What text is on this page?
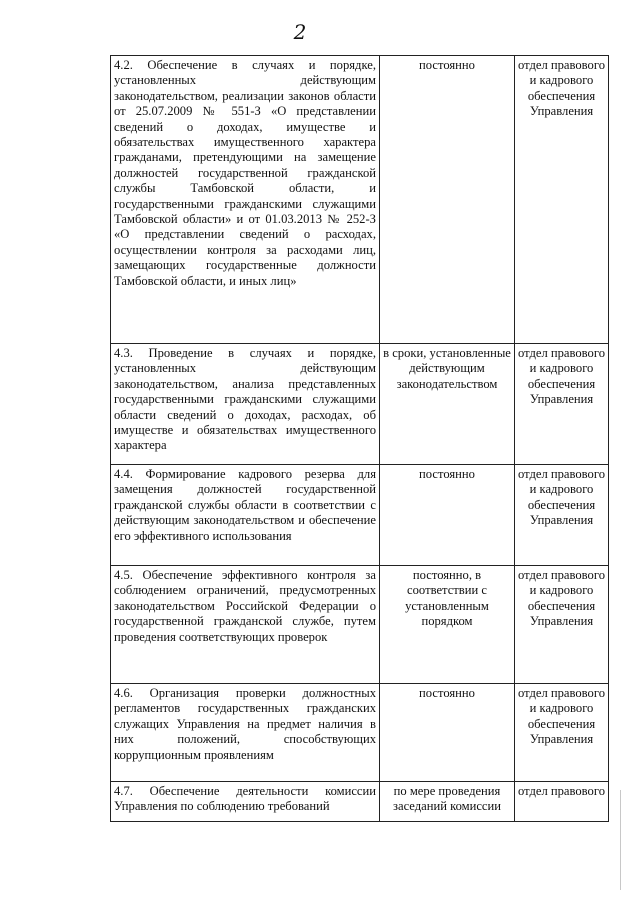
2
4.2. Обеспечение в случаях и порядке, установленных действующим законодательством, реализации законов области от 25.07.2009 № 551-З «О представлении сведений о доходах, имуществе и обязательствах имущественного характера гражданами, претендующими на замещение должностей государственной гражданской службы Тамбовской области, и государственными гражданскими служащими Тамбовской области» и от 01.03.2013 № 252-З «О представлении сведений о расходах, осуществлении контроля за расходами лиц, замещающих государственные должности Тамбовской области, и иных лиц»	постоянно	отдел правового и кадрового обеспечения Управления
4.3. Проведение в случаях и порядке, установленных действующим законодательством, анализа представленных государственными гражданскими служащими области сведений о доходах, расходах, об имуществе и обязательствах имущественного характера	в сроки, установленные действующим законодательством	отдел правового и кадрового обеспечения Управления
4.4. Формирование кадрового резерва для замещения должностей государственной гражданской службы области в соответствии с действующим законодательством и обеспечение его эффективного использования	постоянно	отдел правового и кадрового обеспечения Управления
4.5. Обеспечение эффективного контроля за соблюдением ограничений, предусмотренных законодательством Российской Федерации о государственной гражданской службе, путем проведения соответствующих проверок	постоянно, в соответствии с установленным порядком	отдел правового и кадрового обеспечения Управления
4.6. Организация проверки должностных регламентов государственных гражданских служащих Управления на предмет наличия в них положений, способствующих коррупционным проявлениям	постоянно	отдел правового и кадрового обеспечения Управления
4.7. Обеспечение деятельности комиссии Управления по соблюдению требований	по мере проведения заседаний комиссии	отдел правового
